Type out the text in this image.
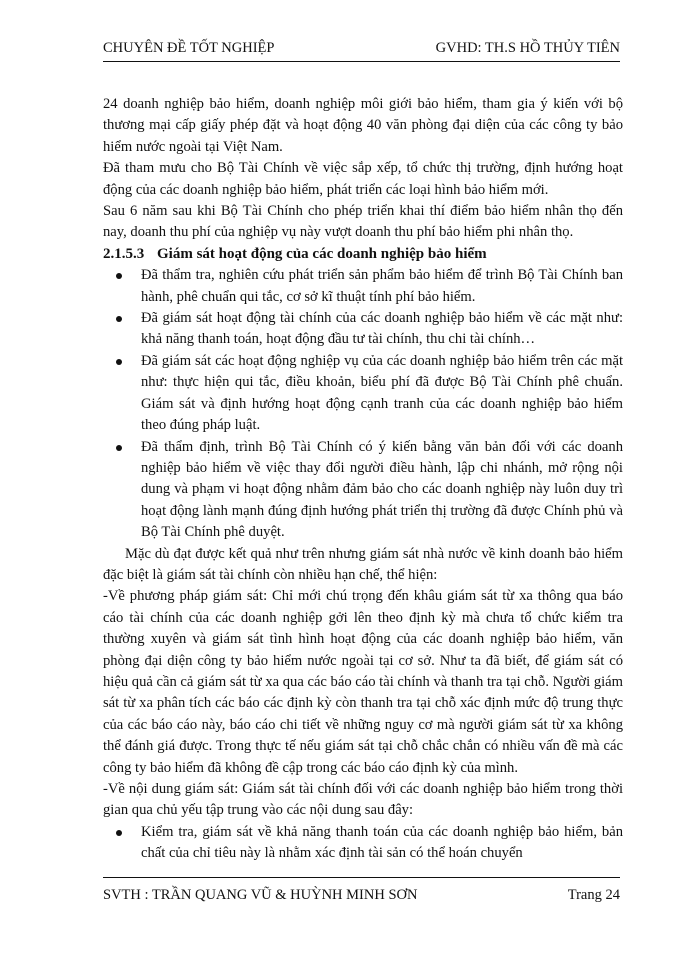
CHUYÊN ĐỀ TỐT NGHIỆP	GVHD: TH.S HỒ THỦY TIÊN

24 doanh nghiệp bảo hiểm, doanh nghiệp môi giới bảo hiểm, tham gia ý kiến với bộ thương mại cấp giấy phép đặt và hoạt động 40 văn phòng đại diện của các công ty bảo hiểm nước ngoài tại Việt Nam.

Đã tham mưu cho Bộ Tài Chính về việc sắp xếp, tổ chức thị trường, định hướng hoạt động của các doanh nghiệp bảo hiểm, phát triển các loại hình bảo hiểm mới.

Sau 6 năm sau khi Bộ Tài Chính cho phép triển khai thí điểm bảo hiểm nhân thọ đến nay, doanh thu phí của nghiệp vụ này vượt doanh thu phí bảo hiểm phi nhân thọ.

2.1.5.3 Giám sát hoạt động của các doanh nghiệp bảo hiểm

Đã thẩm tra, nghiên cứu phát triển sản phẩm bảo hiểm để trình Bộ Tài Chính ban hành, phê chuẩn qui tắc, cơ sở kĩ thuật tính phí bảo hiểm.
Đã giám sát hoạt động tài chính của các doanh nghiệp bảo hiểm về các mặt như: khả năng thanh toán, hoạt động đầu tư tài chính, thu chi tài chính…
Đã giám sát các hoạt động nghiệp vụ của các doanh nghiệp bảo hiểm trên các mặt như: thực hiện qui tắc, điều khoản, biểu phí đã được Bộ Tài Chính phê chuẩn. Giám sát và định hướng hoạt động cạnh tranh của các doanh nghiệp bảo hiểm theo đúng pháp luật.
Đã thẩm định, trình Bộ Tài Chính có ý kiến bằng văn bản đối với các doanh nghiệp bảo hiểm về việc thay đổi người điều hành, lập chi nhánh, mở rộng nội dung và phạm vi hoạt động nhằm đảm bảo cho các doanh nghiệp này luôn duy trì hoạt động lành mạnh đúng định hướng phát triển thị trường đã được Chính phủ và Bộ Tài Chính phê duyệt.

Mặc dù đạt được kết quả như trên nhưng giám sát nhà nước về kinh doanh bảo hiểm đặc biệt là giám sát tài chính còn nhiều hạn chế, thể hiện:

-Về phương pháp giám sát: Chỉ mới chú trọng đến khâu giám sát từ xa thông qua báo cáo tài chính của các doanh nghiệp gởi lên theo định kỳ mà chưa tổ chức kiểm tra thường xuyên và giám sát tình hình hoạt động của các doanh nghiệp bảo hiểm, văn phòng đại diện công ty bảo hiểm nước ngoài tại cơ sở. Như ta đã biết, để giám sát có hiệu quả cần cả giám sát từ xa qua các báo cáo tài chính và thanh tra tại chỗ. Người giám sát từ xa phân tích các báo các định kỳ còn thanh tra tại chỗ xác định mức độ trung thực của các báo cáo này, báo cáo chi tiết về những nguy cơ mà người giám sát từ xa không thể đánh giá được. Trong thực tế nếu giám sát tại chỗ chắc chắn có nhiều vấn đề mà các công ty bảo hiểm đã không đề cập trong các báo cáo định kỳ của mình.

-Về nội dung giám sát: Giám sát tài chính đối với các doanh nghiệp bảo hiểm trong thời gian qua chủ yếu tập trung vào các nội dung sau đây:

Kiểm tra, giám sát về khả năng thanh toán của các doanh nghiệp bảo hiểm, bản chất của chỉ tiêu này là nhằm xác định tài sản có thể hoán chuyển
SVTH : TRẦN QUANG VŨ & HUỲNH MINH SƠN	Trang 24
